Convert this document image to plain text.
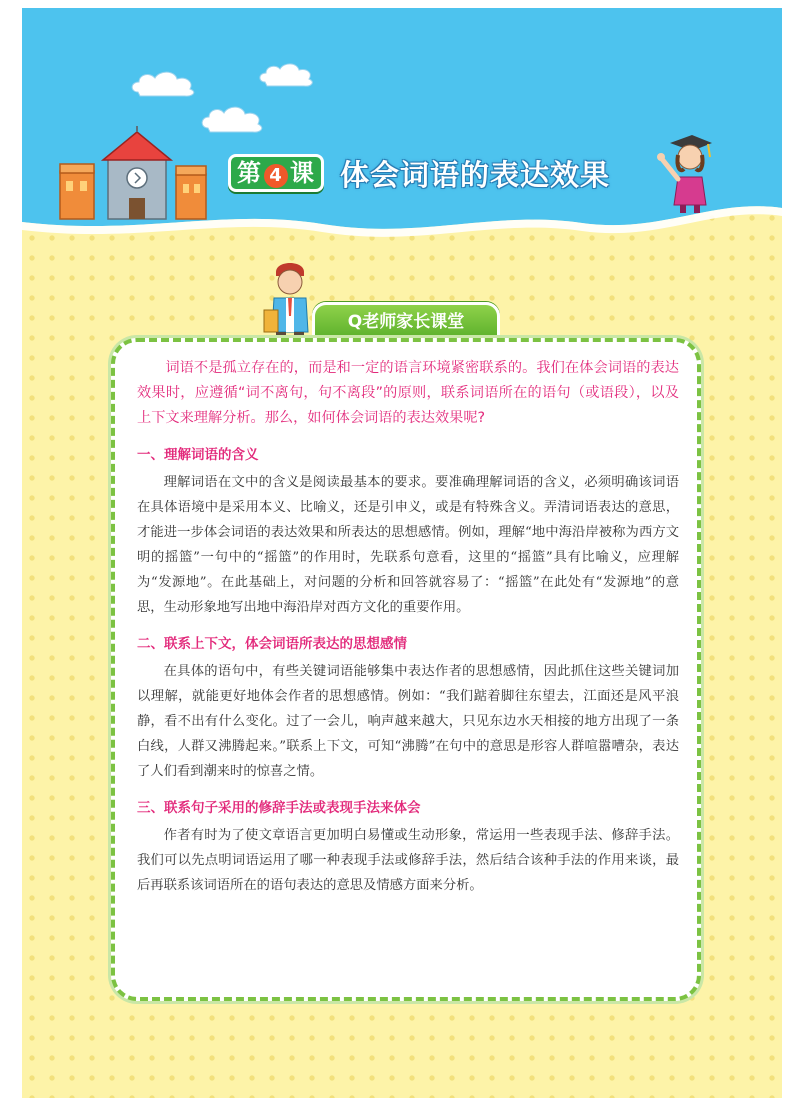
第 4 课 体会词语的表达效果
Q老师家长课堂

词语不是孤立存在的，而是和一定的语言环境紧密联系的。我们在体会词语的表达效果时，应遵循“词不离句，句不离段”的原则，联系词语所在的语句（或语段），以及上下文来理解分析。那么，如何体会词语的表达效果呢?

一、理解词语的含义

理解词语在文中的含义是阅读最基本的要求。要准确理解词语的含义，必须明确该词语在具体语境中是采用本义、比喻义，还是引申义，或是有特殊含义。弄清词语表达的意思，才能进一步体会词语的表达效果和所表达的思想感情。例如，理解“地中海沿岸被称为西方文明的摇篮”一句中的“摇篮”的作用时，先联系句意看，这里的“摇篮”具有比喻义，应理解为“发源地”。在此基础上，对问题的分析和回答就容易了：“摇篮”在此处有“发源地”的意思，生动形象地写出地中海沿岸对西方文化的重要作用。

二、联系上下文，体会词语所表达的思想感情

在具体的语句中，有些关键词语能够集中表达作者的思想感情，因此抓住这些关键词加以理解，就能更好地体会作者的思想感情。例如：“我们踮着脚往东望去，江面还是风平浪静，看不出有什么变化。过了一会儿，响声越来越大，只见东边水天相接的地方出现了一条白线，人群又沸腾起来。”联系上下文，可知“沸腾”在句中的意思是形容人群喧嚣嘈杂，表达了人们看到潮来时的惊喜之情。

三、联系句子采用的修辞手法或表现手法来体会

作者有时为了使文章语言更加明白易懂或生动形象，常运用一些表现手法、修辞手法。我们可以先点明词语运用了哪一种表现手法或修辞手法，然后结合该种手法的作用来谈，最后再联系该词语所在的语句表达的意思及情感方面来分析。
